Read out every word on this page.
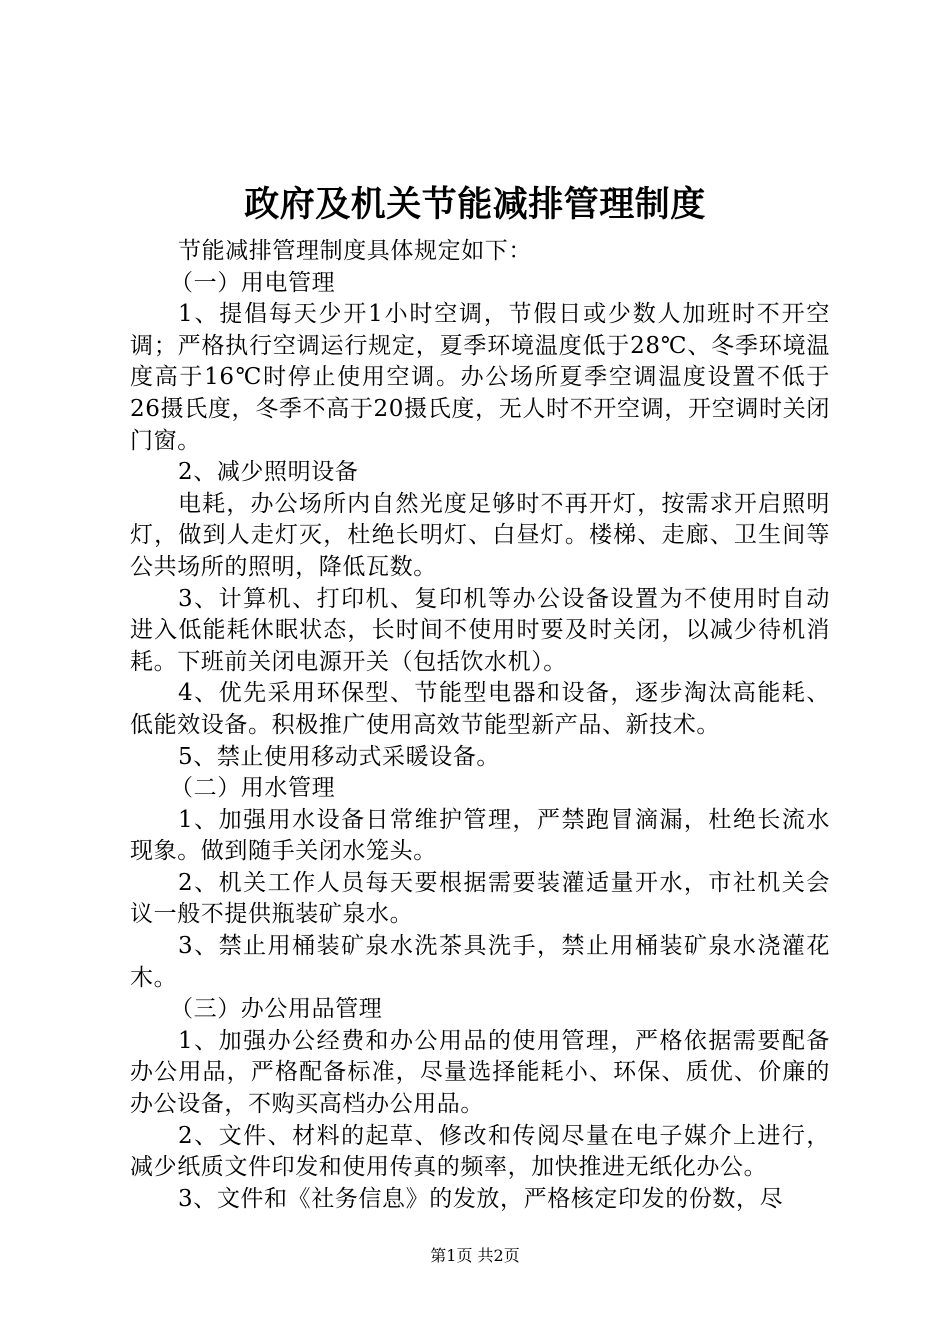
政府及机关节能减排管理制度

节能减排管理制度具体规定如下：

（一）用电管理

1、提倡每天少开1小时空调，节假日或少数人加班时不开空调；严格执行空调运行规定，夏季环境温度低于28℃、冬季环境温度高于16℃时停止使用空调。办公场所夏季空调温度设置不低于26摄氏度，冬季不高于20摄氏度，无人时不开空调，开空调时关闭门窗。

2、减少照明设备

电耗，办公场所内自然光度足够时不再开灯，按需求开启照明灯，做到人走灯灭，杜绝长明灯、白昼灯。楼梯、走廊、卫生间等公共场所的照明，降低瓦数。

3、计算机、打印机、复印机等办公设备设置为不使用时自动进入低能耗休眠状态，长时间不使用时要及时关闭，以减少待机消耗。下班前关闭电源开关（包括饮水机）。

4、优先采用环保型、节能型电器和设备，逐步淘汰高能耗、低能效设备。积极推广使用高效节能型新产品、新技术。

5、禁止使用移动式采暖设备。

（二）用水管理

1、加强用水设备日常维护管理，严禁跑冒滴漏，杜绝长流水现象。做到随手关闭水笼头。

2、机关工作人员每天要根据需要装灌适量开水，市社机关会议一般不提供瓶装矿泉水。

3、禁止用桶装矿泉水洗茶具洗手，禁止用桶装矿泉水浇灌花木。

（三）办公用品管理

1、加强办公经费和办公用品的使用管理，严格依据需要配备办公用品，严格配备标准，尽量选择能耗小、环保、质优、价廉的办公设备，不购买高档办公用品。

2、文件、材料的起草、修改和传阅尽量在电子媒介上进行，减少纸质文件印发和使用传真的频率，加快推进无纸化办公。

3、文件和《社务信息》的发放，严格核定印发的份数，尽

第1页 共2页
